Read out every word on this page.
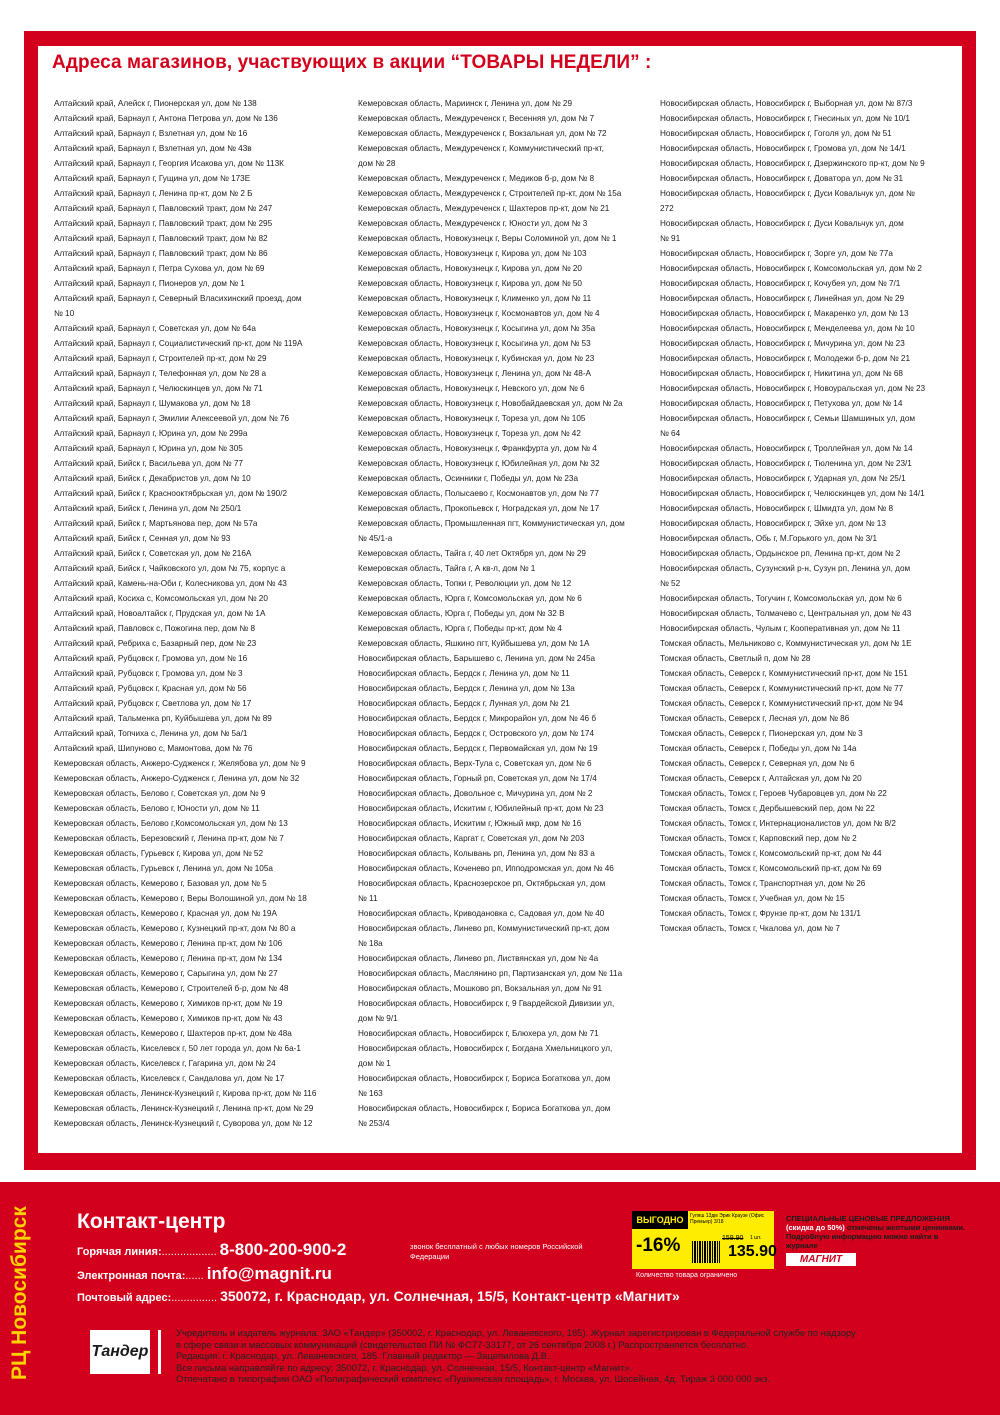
Адреса магазинов, участвующих в акции “ТОВАРЫ НЕДЕЛИ” :
Алтайский край, Алейск г, Пионерская ул, дом № 138
Алтайский край, Барнаул г, Антона Петрова ул, дом № 136
Алтайский край, Барнаул г, Взлетная ул, дом № 16
Алтайский край, Барнаул г, Взлетная ул, дом № 43в
Алтайский край, Барнаул г, Георгия Исакова ул, дом № 113К
Алтайский край, Барнаул г, Гущина ул, дом № 173Е
Алтайский край, Барнаул г, Ленина пр-кт, дом № 2 Б
Алтайский край, Барнаул г, Павловский тракт, дом № 247
Алтайский край, Барнаул г, Павловский тракт, дом № 295
Алтайский край, Барнаул г, Павловский тракт, дом № 82
Алтайский край, Барнаул г, Павловский тракт, дом № 86
Алтайский край, Барнаул г, Петра Сухова ул, дом № 69
Алтайский край, Барнаул г, Пионеров ул, дом № 1
Алтайский край, Барнаул г, Северный Власихинский проезд, дом
№ 10
Алтайский край, Барнаул г, Советская ул, дом № 64а
Алтайский край, Барнаул г, Социалистический пр-кт, дом № 119А
Алтайский край, Барнаул г, Строителей пр-кт, дом № 29
Алтайский край, Барнаул г, Телефонная ул, дом № 28 а
Алтайский край, Барнаул г, Челюскинцев ул, дом № 71
Алтайский край, Барнаул г, Шумакова ул, дом № 18
Алтайский край, Барнаул г, Эмилии Алексеевой ул, дом № 76
Алтайский край, Барнаул г, Юрина ул, дом № 299а
Алтайский край, Барнаул г, Юрина ул, дом № 305
Алтайский край, Бийск г, Васильева ул, дом № 77
Алтайский край, Бийск г, Декабристов ул, дом № 10
Алтайский край, Бийск г, Краснооктябрьская ул, дом № 190/2
Алтайский край, Бийск г, Ленина ул, дом № 250/1
Алтайский край, Бийск г, Мартьянова пер, дом № 57а
Алтайский край, Бийск г, Сенная ул, дом № 93
Алтайский край, Бийск г, Советская ул, дом № 216А
Алтайский край, Бийск г, Чайковского ул, дом № 75, корпус а
Алтайский край, Камень-на-Оби г, Колесникова ул, дом № 43
Алтайский край, Косиха с, Комсомольская ул, дом № 20
Алтайский край, Новоалтайск г, Прудская ул, дом № 1А
Алтайский край, Павловск с, Пожогина пер, дом № 8
Алтайский край, Ребриха с, Базарный пер, дом № 23
Алтайский край, Рубцовск г, Громова ул, дом № 16
Алтайский край, Рубцовск г, Громова ул, дом № 3
Алтайский край, Рубцовск г, Красная ул, дом № 56
Алтайский край, Рубцовск г, Светлова ул, дом № 17
Алтайский край, Тальменка рп, Куйбышева ул, дом № 89
Алтайский край, Топчиха с, Ленина ул, дом № 5а/1
Алтайский край, Шипуново с, Мамонтова, дом № 76
Кемеровская область, Анжеро-Судженск г, Желябова ул, дом № 9
Кемеровская область, Анжеро-Судженск г, Ленина ул, дом № 32
Кемеровская область, Белово г, Советская ул, дом № 9
Кемеровская область, Белово г, Юности ул, дом № 11
Кемеровская область, Белово г,Комсомольская ул, дом № 13
Кемеровская область, Березовский г, Ленина пр-кт, дом № 7
Кемеровская область, Гурьевск г, Кирова ул, дом № 52
Кемеровская область, Гурьевск г, Ленина ул, дом № 105а
Кемеровская область, Кемерово г, Базовая ул, дом № 5
Кемеровская область, Кемерово г, Веры Волошиной ул, дом № 18
Кемеровская область, Кемерово г, Красная ул, дом № 19А
Кемеровская область, Кемерово г, Кузнецкий пр-кт, дом № 80 а
Кемеровская область, Кемерово г, Ленина пр-кт, дом № 106
Кемеровская область, Кемерово г, Ленина пр-кт, дом № 134
Кемеровская область, Кемерово г, Сарыгина ул, дом № 27
Кемеровская область, Кемерово г, Строителей б-р, дом № 48
Кемеровская область, Кемерово г, Химиков пр-кт, дом № 19
Кемеровская область, Кемерово г, Химиков пр-кт, дом № 43
Кемеровская область, Кемерово г, Шахтеров пр-кт, дом № 48а
Кемеровская область, Киселевск г, 50 лет города ул, дом № 6а-1
Кемеровская область, Киселевск г, Гагарина ул, дом № 24
Кемеровская область, Киселевск г, Сандалова ул, дом № 17
Кемеровская область, Ленинск-Кузнецкий г, Кирова пр-кт, дом № 116
Кемеровская область, Ленинск-Кузнецкий г, Ленина пр-кт, дом № 29
Кемеровская область, Ленинск-Кузнецкий г, Суворова ул, дом № 12
Кемеровская область, Мариинск г, Ленина ул, дом № 29
Кемеровская область, Междуреченск г, Весенняя ул, дом № 7
Кемеровская область, Междуреченск г, Вокзальная ул, дом № 72
Кемеровская область, Междуреченск г, Коммунистический пр-кт,
дом № 28
Кемеровская область, Междуреченск г, Медиков б-р, дом № 8
Кемеровская область, Междуреченск г, Строителей пр-кт, дом № 15а
Кемеровская область, Междуреченск г, Шахтеров пр-кт, дом № 21
Кемеровская область, Междуреченск г, Юности ул, дом № 3
Кемеровская область, Новокузнецк г, Веры Соломиной ул, дом № 1
Кемеровская область, Новокузнецк г, Кирова ул, дом № 103
Кемеровская область, Новокузнецк г, Кирова ул, дом № 20
Кемеровская область, Новокузнецк г, Кирова ул, дом № 50
Кемеровская область, Новокузнецк г, Клименко ул, дом № 11
Кемеровская область, Новокузнецк г, Космонавтов ул, дом № 4
Кемеровская область, Новокузнецк г, Косыгина ул, дом № 35а
Кемеровская область, Новокузнецк г, Косыгина ул, дом № 53
Кемеровская область, Новокузнецк г, Кубинская ул, дом № 23
Кемеровская область, Новокузнецк г, Ленина ул, дом № 48-А
Кемеровская область, Новокузнецк г, Невского ул, дом № 6
Кемеровская область, Новокузнецк г, Новобайдаевская ул, дом № 2а
Кемеровская область, Новокузнецк г, Тореза ул, дом № 105
Кемеровская область, Новокузнецк г, Тореза ул, дом № 42
Кемеровская область, Новокузнецк г, Франкфурта ул, дом № 4
Кемеровская область, Новокузнецк г, Юбилейная ул, дом № 32
Кемеровская область, Осинники г, Победы ул, дом № 23а
Кемеровская область, Полысаево г, Космонавтов ул, дом № 77
Кемеровская область, Прокопьевск г, Ноградская ул, дом № 17
Кемеровская область, Промышленная пгт, Коммунистическая ул, дом
№ 45/1-а
Кемеровская область, Тайга г, 40 лет Октября ул, дом № 29
Кемеровская область, Тайга г, А кв-л, дом № 1
Кемеровская область, Топки г, Революции ул, дом № 12
Кемеровская область, Юрга г, Комсомольская ул, дом № 6
Кемеровская область, Юрга г, Победы ул, дом № 32 В
Кемеровская область, Юрга г, Победы пр-кт, дом № 4
Кемеровская область, Яшкино пгт, Куйбышева ул, дом № 1А
Новосибирская область, Барышево с, Ленина ул, дом № 245а
Новосибирская область, Бердск г, Ленина ул, дом № 11
Новосибирская область, Бердск г, Ленина ул, дом № 13а
Новосибирская область, Бердск г, Лунная ул, дом № 21
Новосибирская область, Бердск г, Микрорайон ул, дом № 46 б
Новосибирская область, Бердск г, Островского ул, дом № 174
Новосибирская область, Бердск г, Первомайская ул, дом № 19
Новосибирская область, Верх-Тула с, Советская ул, дом № 6
Новосибирская область, Горный рп, Советская ул, дом № 17/4
Новосибирская область, Довольное с, Мичурина ул, дом № 2
Новосибирская область, Искитим г, Юбилейный пр-кт, дом № 23
Новосибирская область, Искитим г, Южный мкр, дом № 16
Новосибирская область, Каргат г, Советская ул, дом № 203
Новосибирская область, Колывань рп, Ленина ул, дом № 83 а
Новосибирская область, Коченево рп, Ипподромская ул, дом № 46
Новосибирская область, Краснозерское рп, Октябрьская ул, дом
№ 11
Новосибирская область, Криводановка с, Садовая ул, дом № 40
Новосибирская область, Линево рп, Коммунистический пр-кт, дом
№ 18а
Новосибирская область, Линево рп, Листвянская ул, дом № 4а
Новосибирская область, Маслянино рп, Партизанская ул, дом № 11а
Новосибирская область, Мошково рп, Вокзальная ул, дом № 91
Новосибирская область, Новосибирск г, 9 Гвардейской Дивизии ул,
дом № 9/1
Новосибирская область, Новосибирск г, Блюхера ул, дом № 71
Новосибирская область, Новосибирск г, Богдана Хмельницкого ул,
дом № 1
Новосибирская область, Новосибирск г, Бориса Богаткова ул, дом
№ 163
Новосибирская область, Новосибирск г, Бориса Богаткова ул, дом
№ 253/4
Новосибирская область, Новосибирск г, Выборная ул, дом № 87/3
Новосибирская область, Новосибирск г, Гнесиных ул, дом № 10/1
Новосибирская область, Новосибирск г, Гоголя ул, дом № 51
Новосибирская область, Новосибирск г, Громова ул, дом № 14/1
Новосибирская область, Новосибирск г, Дзержинского пр-кт, дом № 9
Новосибирская область, Новосибирск г, Доватора ул, дом № 31
Новосибирская область, Новосибирск г, Дуси Ковальчук ул, дом №
272
Новосибирская область, Новосибирск г, Дуси Ковальчук ул, дом
№ 91
Новосибирская область, Новосибирск г, Зорге ул, дом № 77а
Новосибирская область, Новосибирск г, Комсомольская ул, дом № 2
Новосибирская область, Новосибирск г, Кочубея ул, дом № 7/1
Новосибирская область, Новосибирск г, Линейная ул, дом № 29
Новосибирская область, Новосибирск г, Макаренко ул, дом № 13
Новосибирская область, Новосибирск г, Менделеева ул, дом № 10
Новосибирская область, Новосибирск г, Мичурина ул, дом № 23
Новосибирская область, Новосибирск г, Молодежи б-р, дом № 21
Новосибирская область, Новосибирск г, Никитина ул, дом № 68
Новосибирская область, Новосибирск г, Новоуральская ул, дом № 23
Новосибирская область, Новосибирск г, Петухова ул, дом № 14
Новосибирская область, Новосибирск г, Семьи Шамшиных ул, дом
№ 64
Новосибирская область, Новосибирск г, Троллейная ул, дом № 14
Новосибирская область, Новосибирск г, Тюленина ул, дом № 23/1
Новосибирская область, Новосибирск г, Ударная ул, дом № 25/1
Новосибирская область, Новосибирск г, Челюскинцев ул, дом № 14/1
Новосибирская область, Новосибирск г, Шмидта ул, дом № 8
Новосибирская область, Новосибирск г, Эйхе ул, дом № 13
Новосибирская область, Обь г, М.Горького ул, дом № 3/1
Новосибирская область, Ордынское рп, Ленина пр-кт, дом № 2
Новосибирская область, Сузунский р-н, Сузун рп, Ленина ул, дом
№ 52
Новосибирская область, Тогучин г, Комсомольская ул, дом № 6
Новосибирская область, Толмачево с, Центральная ул, дом № 43
Новосибирская область, Чулым г, Кооперативная ул, дом № 11
Томская область, Мельниково с, Коммунистическая ул, дом № 1Е
Томская область, Светлый п, дом № 28
Томская область, Северск г, Коммунистический пр-кт, дом № 151
Томская область, Северск г, Коммунистический пр-кт, дом № 77
Томская область, Северск г, Коммунистический пр-кт, дом № 94
Томская область, Северск г, Лесная ул, дом № 86
Томская область, Северск г, Пионерская ул, дом № 3
Томская область, Северск г, Победы ул, дом № 14а
Томская область, Северск г, Северная ул, дом № 6
Томская область, Северск г, Алтайская ул, дом № 20
Томская область, Томск г, Героев Чубаровцев ул, дом № 22
Томская область, Томск г, Дербышевский пер, дом № 22
Томская область, Томск г, Интернационалистов ул, дом № 8/2
Томская область, Томск г, Карповский пер, дом № 2
Томская область, Томск г, Комсомольский пр-кт, дом № 44
Томская область, Томск г, Комсомольский пр-кт, дом № 69
Томская область, Томск г, Транспортная ул, дом № 26
Томская область, Томск г, Учебная ул, дом № 15
Томская область, Томск г, Фрунзе пр-кт, дом № 131/1
Томская область, Томск г, Чкалова ул, дом № 7
РЦ Новосибирск Контакт-центр
Горячая линия: .................. 8-800-200-900-2	звонок бесплатный с любых номеров Российской Федерации
Электронная почта: ...... info@magnit.ru
Почтовый адрес: ............... 350072, г. Краснодар, ул. Солнечная, 15/5, Контакт-центр «Магнит»
ВЫГОДНО	Гуляш 13дм Эрик Краузе (Офис Премьер) 3/18
-16%	159.90 1 шт.
135.90
Количество товара ограничено
СПЕЦИАЛЬНЫЕ ЦЕНОВЫЕ ПРЕДЛОЖЕНИЯ (скидка до 50%) отмечены желтыми ценниками. Подробную информацию можно найти в журнале
МАГНИТ
Тандер
Учредитель и издатель журнала: ЗАО «Тандер» (350002, г. Краснодар, ул. Леваневского, 185). Журнал зарегистрирован в Федеральной службе по надзору
в сфере связи и массовых коммуникаций (свидетельство ПИ № ФС77-33177, от 26 сентября 2008 г.) Распространяется бесплатно.
Редакция: г. Краснодар, ул. Леваневского, 185. Главный редактор — Зацепилова Д.В.
Все письма направляйте по адресу: 350072, г. Краснодар, ул. Солнечная, 15/5, Контакт-центр «Магнит».
Отпечатано в типографии ОАО «Полиграфический комплекс «Пушкинская площадь», г. Москва, ул. Шосейная, 4д. Тираж 3 000 000 экз.
